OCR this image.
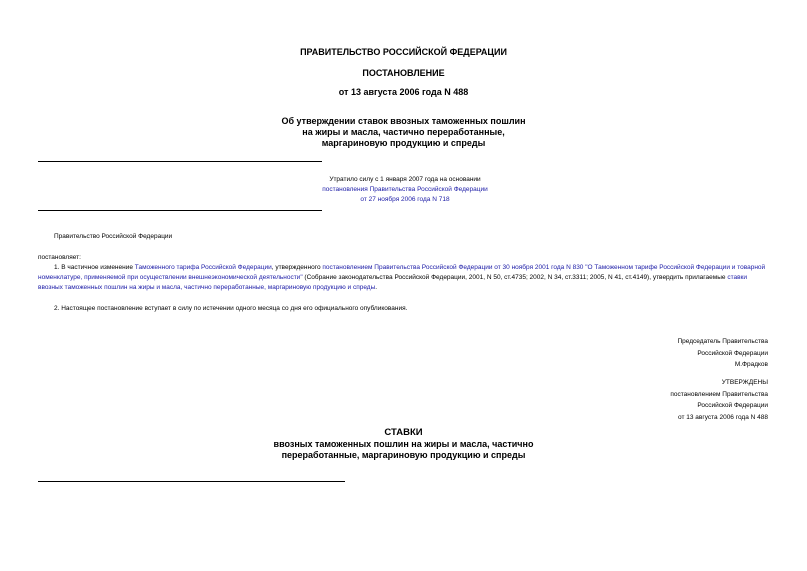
ПРАВИТЕЛЬСТВО РОССИЙСКОЙ ФЕДЕРАЦИИ
ПОСТАНОВЛЕНИЕ
от 13 августа 2006 года N 488
Об утверждении ставок ввозных таможенных пошлин
на жиры и масла, частично переработанные,
маргариновую продукцию и спреды
Утратило силу с 1 января 2007 года на основании
постановления Правительства Российской Федерации
от 27 ноября 2006 года N 718
Правительство Российской Федерации
постановляет:

1. В частичное изменение Таможенного тарифа Российской Федерации, утвержденного постановлением Правительства Российской Федерации от 30 ноября 2001 года N 830 "О Таможенном тарифе Российской Федерации и товарной номенклатуре, применяемой при осуществлении внешнеэкономической деятельности" (Собрание законодательства Российской Федерации, 2001, N 50, ст.4735; 2002, N 34, ст.3311; 2005, N 41, ст.4149), утвердить прилагаемые ставки ввозных таможенных пошлин на жиры и масла, частично переработанные, маргариновую продукцию и спреды.

2. Настоящее постановление вступает в силу по истечении одного месяца со дня его официального опубликования.
Председатель Правительства
Российской Федерации
М.Фрадков
УТВЕРЖДЕНЫ
постановлением Правительства
Российской Федерации
от 13 августа 2006 года N 488
СТАВКИ
ввозных таможенных пошлин на жиры и масла, частично
переработанные, маргариновую продукцию и спреды
